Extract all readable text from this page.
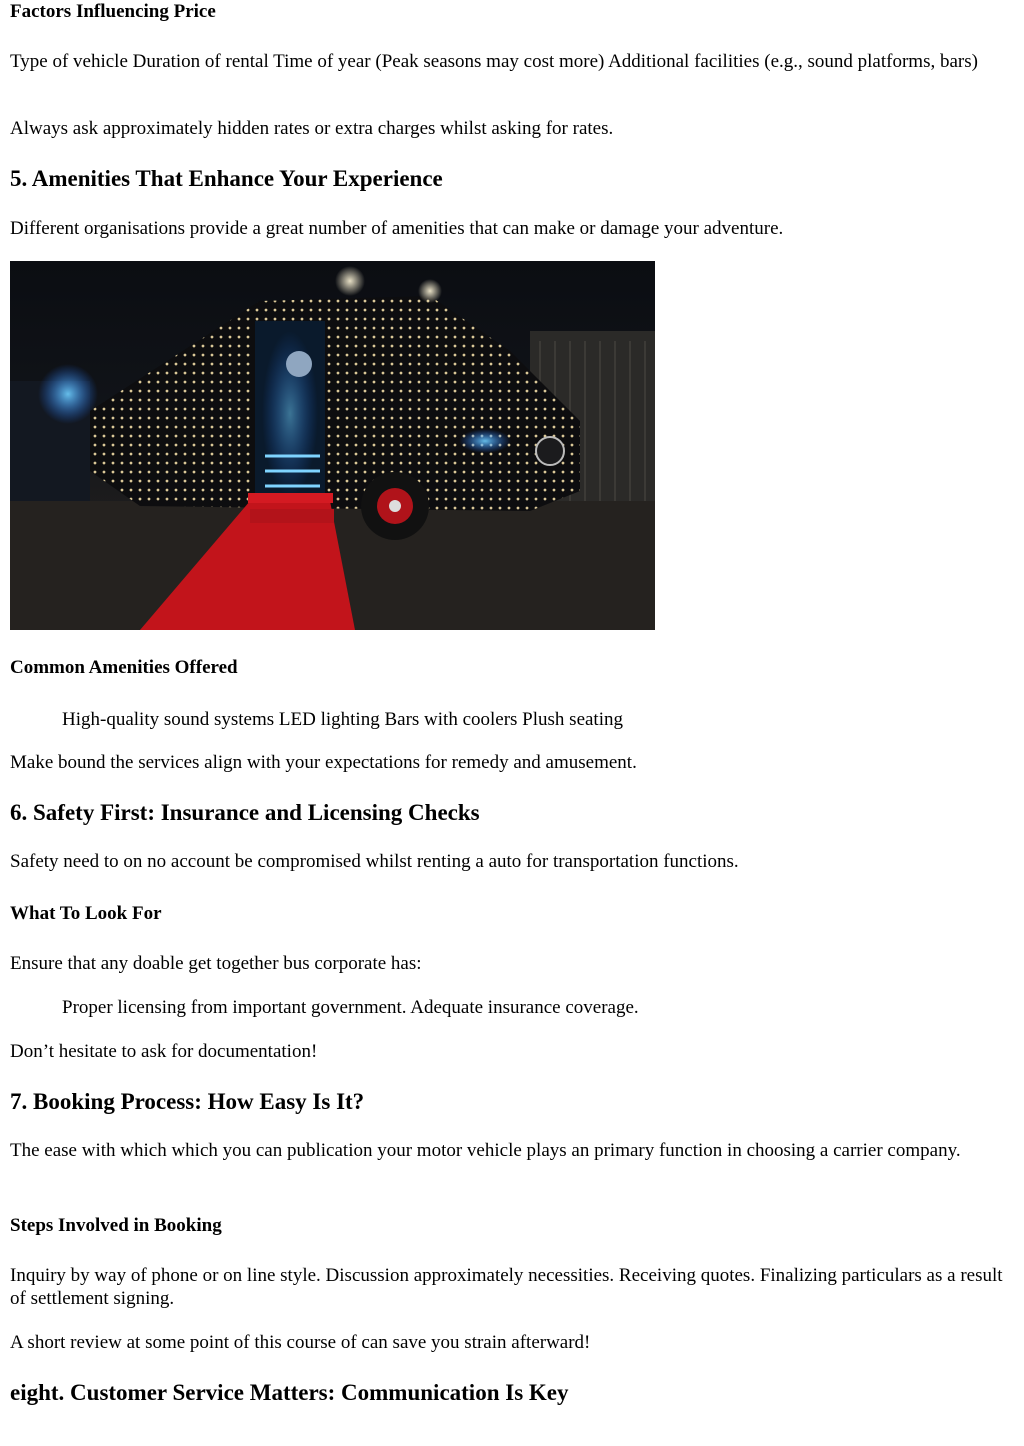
Factors Influencing Price

Type of vehicle Duration of rental Time of year (Peak seasons may cost more) Additional facilities (e.g., sound platforms, bars)

Always ask approximately hidden rates or extra charges whilst asking for rates.

5. Amenities That Enhance Your Experience

Different organisations provide a great number of amenities that can make or damage your adventure.

Common Amenities Offered

High-quality sound systems LED lighting Bars with coolers Plush seating

Make bound the services align with your expectations for remedy and amusement.

6. Safety First: Insurance and Licensing Checks

Safety need to on no account be compromised whilst renting a auto for transportation functions.

What To Look For

Ensure that any doable get together bus corporate has:

Proper licensing from important government. Adequate insurance coverage.

Don’t hesitate to ask for documentation!

7. Booking Process: How Easy Is It?

The ease with which which you can publication your motor vehicle plays an primary function in choosing a carrier company.

Steps Involved in Booking

Inquiry by way of phone or on line style. Discussion approximately necessities. Receiving quotes. Finalizing particulars as a result of settlement signing.

A short review at some point of this course of can save you strain afterward!

eight. Customer Service Matters: Communication Is Key
